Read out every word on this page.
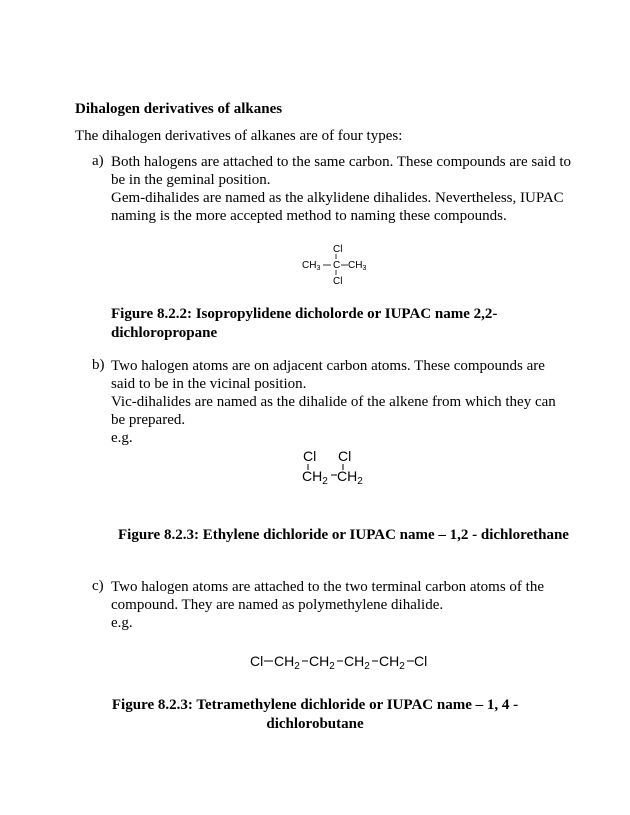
Dihalogen derivatives of alkanes
The dihalogen derivatives of alkanes are of four types:
a) Both halogens are attached to the same carbon. These compounds are said to
be in the geminal position.
Gem-dihalides are named as the alkylidene dihalides. Nevertheless, IUPAC
naming is the more accepted method to naming these compounds.
Cl
$CH_3$ C $CH_3$
Cl
Figure 8.2.2: Isopropylidene dicholorde or IUPAC name 2,2-
dichloropropane
b) Two halogen atoms are on adjacent carbon atoms. These compounds are
said to be in the vicinal position.
Vic-dihalides are named as the dihalide of the alkene from which they can
be prepared.
e.g.
Cl Cl
$CH_2$ $CH_2$
Figure 8.2.3: Ethylene dichloride or IUPAC name – 1,2 - dichlorethane
c) Two halogen atoms are attached to the two terminal carbon atoms of the
compound. They are named as polymethylene dihalide.
e.g.
Cl $CH_2$ $CH_2$ $CH_2$ $CH_2$ Cl
Figure 8.2.3: Tetramethylene dichloride or IUPAC name – 1, 4 -
dichlorobutane
